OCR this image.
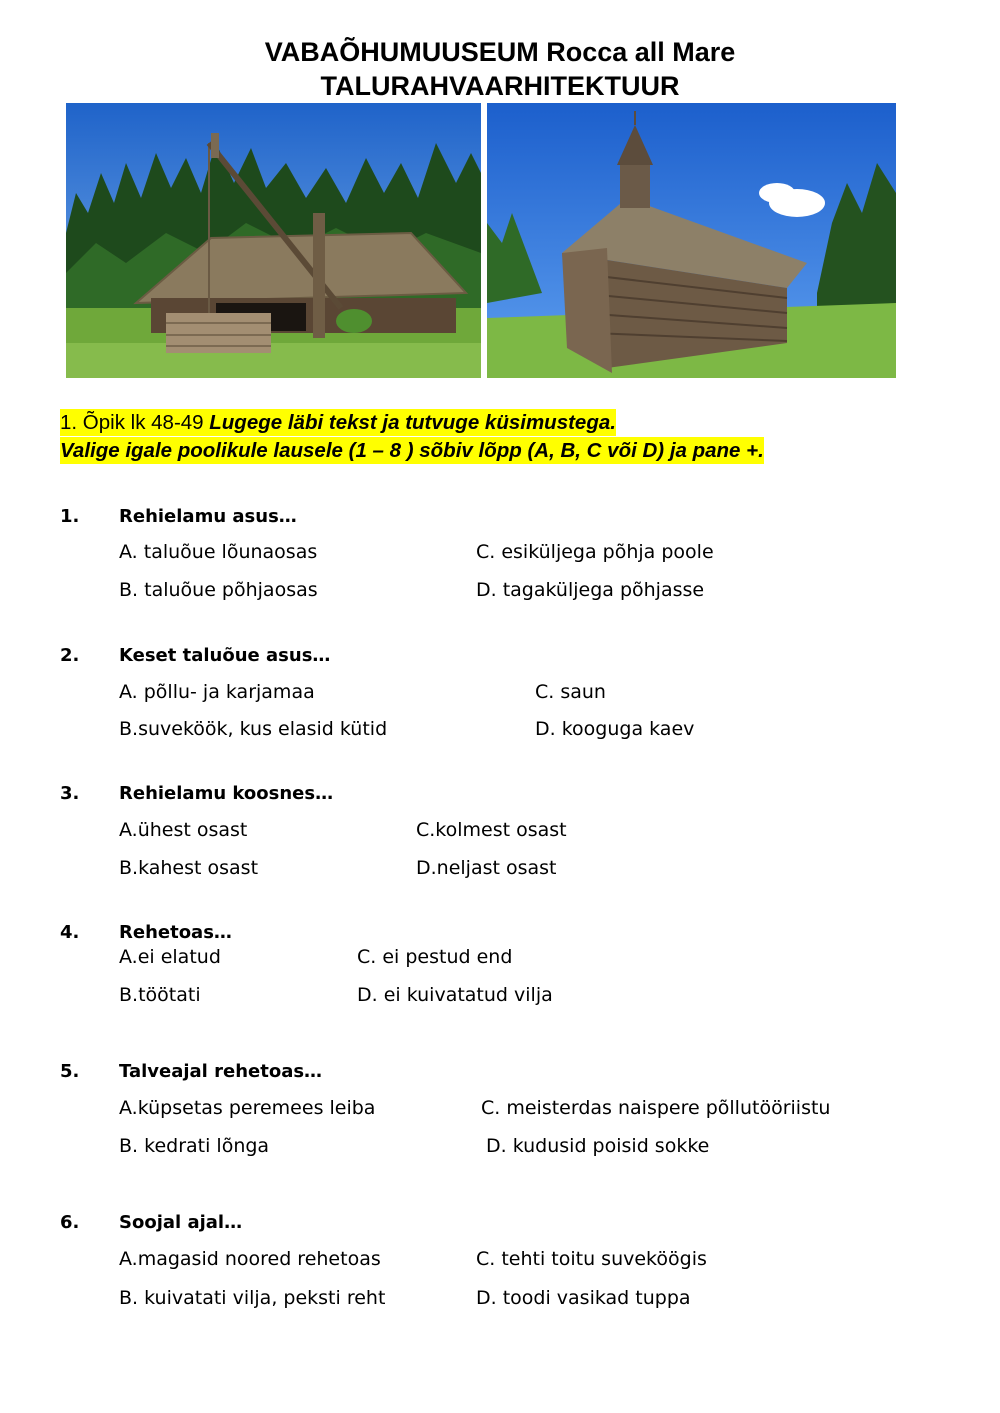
VABAÕHUMUUSEUM Rocca all Mare
TALURAHVAARHITEKTUUR
1. Õpik lk 48-49 Lugege läbi tekst ja tutvuge küsimustega.
Valige igale poolikule lausele (1 – 8 ) sõbiv lõpp (A, B, C või D) ja pane +.
1. Rehielamu asus…
A. taluõue lõunaosas	C. esiküljega põhja poole
B. taluõue põhjaosas	D. tagaküljega põhjasse
2. Keset taluõue asus…
A. põllu- ja karjamaa	C. saun
B.suveköök, kus elasid kütid	D. kooguga kaev
3. Rehielamu koosnes…
A.ühest osast	C.kolmest osast
B.kahest osast	D.neljast osast
4. Rehetoas…
A.ei elatud	C. ei pestud end
B.töötati	D. ei kuivatatud vilja
5. Talveajal rehetoas…
A.küpsetas peremees leiba	C. meisterdas naispere põllutööriistu
B. kedrati lõnga	D. kudusid poisid sokke
6. Soojal ajal…
A.magasid noored rehetoas	C. tehti toitu suveköögis
B. kuivatati vilja, peksti reht	D. toodi vasikad tuppa
